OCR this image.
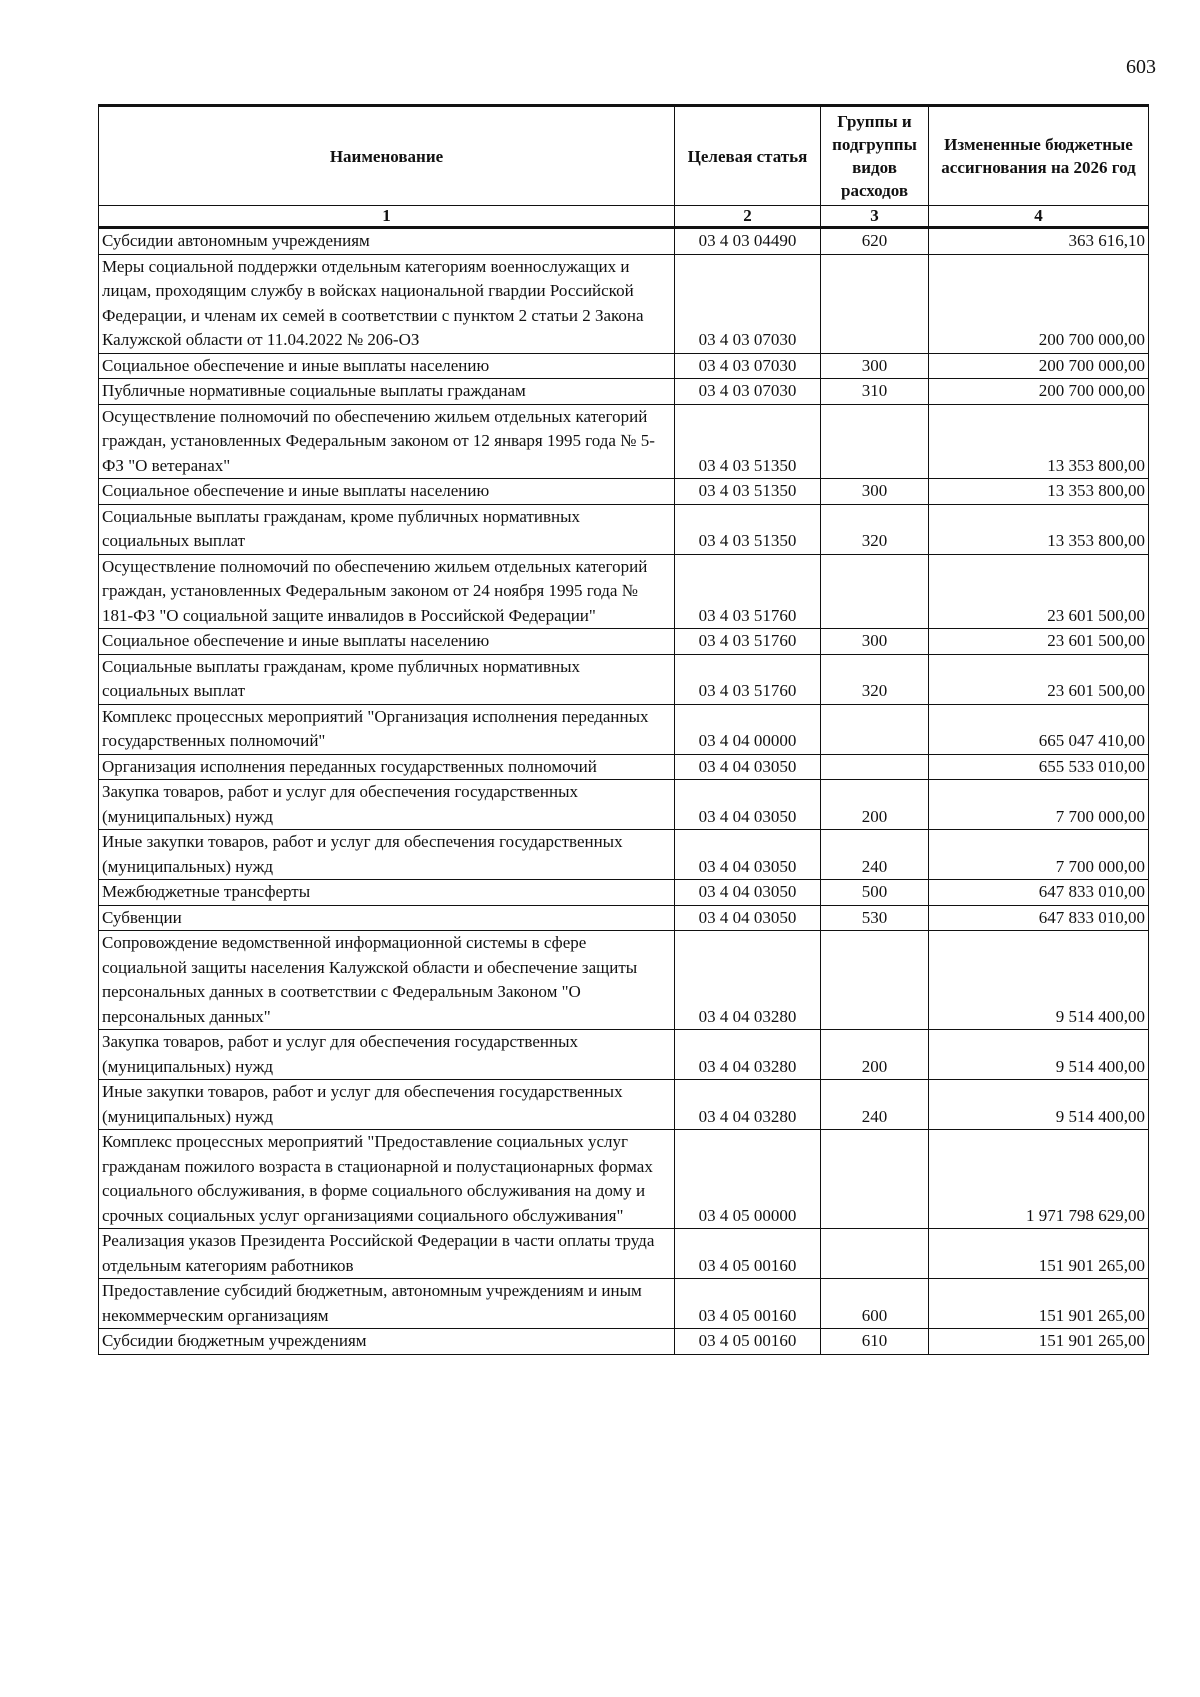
603
Наименование	Целевая статья	Группы и подгруппы видов расходов	Измененные бюджетные ассигнования на 2026 год
1	2	3	4
Субсидии автономным учреждениям	03 4 03 04490	620	363 616,10
Меры социальной поддержки отдельным категориям военнослужащих и лицам, проходящим службу в войсках национальной гвардии Российской Федерации, и членам их семей в соответствии с пунктом 2 статьи 2 Закона Калужской области от 11.04.2022 № 206-ОЗ	03 4 03 07030		200 700 000,00
Социальное обеспечение и иные выплаты населению	03 4 03 07030	300	200 700 000,00
Публичные нормативные социальные выплаты гражданам	03 4 03 07030	310	200 700 000,00
Осуществление полномочий по обеспечению жильем отдельных категорий граждан, установленных Федеральным законом от 12 января 1995 года № 5-ФЗ "О ветеранах"	03 4 03 51350		13 353 800,00
Социальное обеспечение и иные выплаты населению	03 4 03 51350	300	13 353 800,00
Социальные выплаты гражданам, кроме публичных нормативных социальных выплат	03 4 03 51350	320	13 353 800,00
Осуществление полномочий по обеспечению жильем отдельных категорий граждан, установленных Федеральным законом от 24 ноября 1995 года № 181-ФЗ "О социальной защите инвалидов в Российской Федерации"	03 4 03 51760		23 601 500,00
Социальное обеспечение и иные выплаты населению	03 4 03 51760	300	23 601 500,00
Социальные выплаты гражданам, кроме публичных нормативных социальных выплат	03 4 03 51760	320	23 601 500,00
Комплекс процессных мероприятий "Организация исполнения переданных государственных полномочий"	03 4 04 00000		665 047 410,00
Организация исполнения переданных государственных полномочий	03 4 04 03050		655 533 010,00
Закупка товаров, работ и услуг для обеспечения государственных (муниципальных) нужд	03 4 04 03050	200	7 700 000,00
Иные закупки товаров, работ и услуг для обеспечения государственных (муниципальных) нужд	03 4 04 03050	240	7 700 000,00
Межбюджетные трансферты	03 4 04 03050	500	647 833 010,00
Субвенции	03 4 04 03050	530	647 833 010,00
Сопровождение ведомственной информационной системы в сфере социальной защиты населения Калужской области и обеспечение защиты персональных данных в соответствии с Федеральным Законом "О персональных данных"	03 4 04 03280		9 514 400,00
Закупка товаров, работ и услуг для обеспечения государственных (муниципальных) нужд	03 4 04 03280	200	9 514 400,00
Иные закупки товаров, работ и услуг для обеспечения государственных (муниципальных) нужд	03 4 04 03280	240	9 514 400,00
Комплекс процессных мероприятий "Предоставление социальных услуг гражданам пожилого возраста в стационарной и полустационарных формах социального обслуживания, в форме социального обслуживания на дому и срочных социальных услуг организациями социального обслуживания"	03 4 05 00000		1 971 798 629,00
Реализация указов Президента Российской Федерации в части оплаты труда отдельным категориям работников	03 4 05 00160		151 901 265,00
Предоставление субсидий бюджетным, автономным учреждениям и иным некоммерческим организациям	03 4 05 00160	600	151 901 265,00
Субсидии бюджетным учреждениям	03 4 05 00160	610	151 901 265,00
